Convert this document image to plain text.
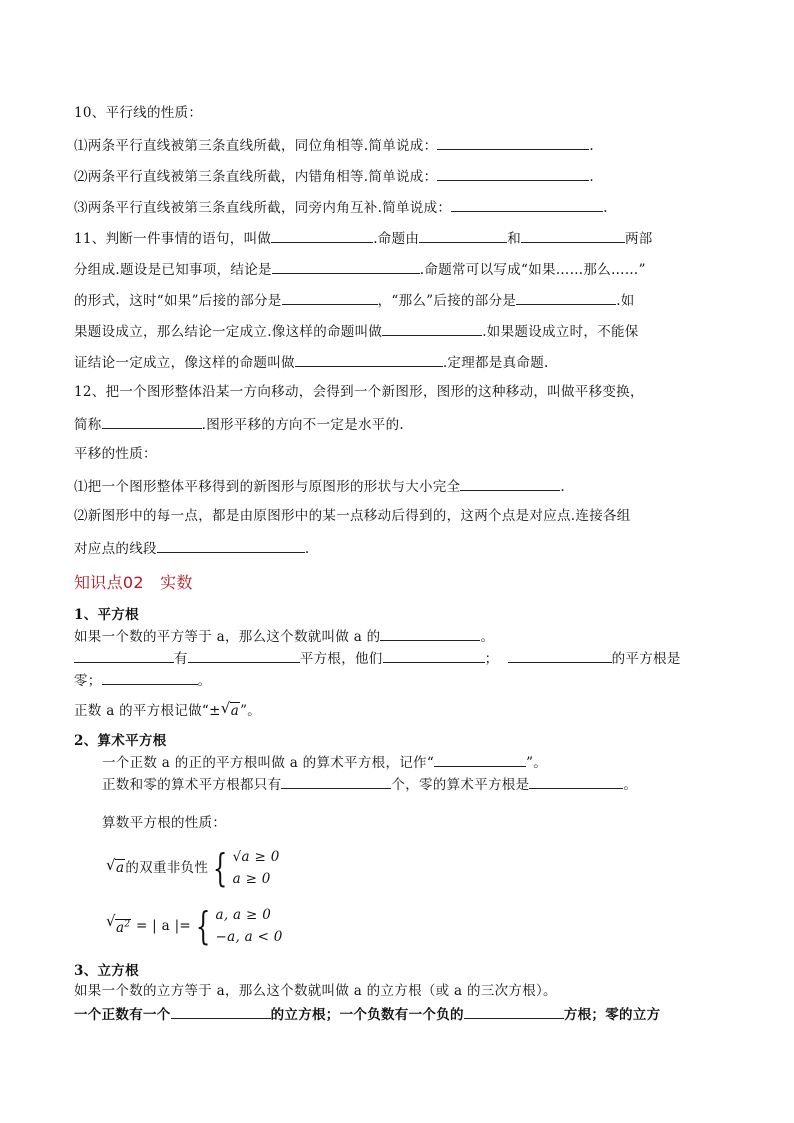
10、平行线的性质：
⑴两条平行直线被第三条直线所截，同位角相等.简单说成：	.
⑵两条平行直线被第三条直线所截，内错角相等.简单说成：	.
⑶两条平行直线被第三条直线所截，同旁内角互补.简单说成：	.
11、判断一件事情的语句，叫做	.命题由	和	两部
分组成.题设是已知事项，结论是	.命题常可以写成“如果……那么……”
的形式，这时“如果”后接的部分是	，“那么”后接的部分是	.如
果题设成立，那么结论一定成立.像这样的命题叫做	.如果题设成立时，不能保
证结论一定成立，像这样的命题叫做	.定理都是真命题.
12、把一个图形整体沿某一方向移动，会得到一个新图形，图形的这种移动，叫做平移变换，
简称	.图形平移的方向不一定是水平的.
平移的性质：
⑴把一个图形整体平移得到的新图形与原图形的形状与大小完全	.
⑵新图形中的每一点，都是由原图形中的某一点移动后得到的，这两个点是对应点.连接各组
对应点的线段	.
知识点02　实数
1、平方根
如果一个数的平方等于 a，那么这个数就叫做 a 的	。
有	平方根，他们	；	的平方根是
零；	。
正数 a 的平方根记做“± √ a”。
2、算术平方根
一个正数 a 的正的平方根叫做 a 的算术平方根，记作“	”。
正数和零的算术平方根都只有	个，零的算术平方根是	。
算数平方根的性质：
√ a的双重非负性 { √a ≥ 0
a ≥ 0
√ $a^2$ = | a |= { a, a ≥ 0
−a, a < 0
3、立方根
如果一个数的立方等于 a，那么这个数就叫做 a 的立方根（或 a 的三次方根）。
一个正数有一个	的立方根；一个负数有一个负的	方根；零的立方
